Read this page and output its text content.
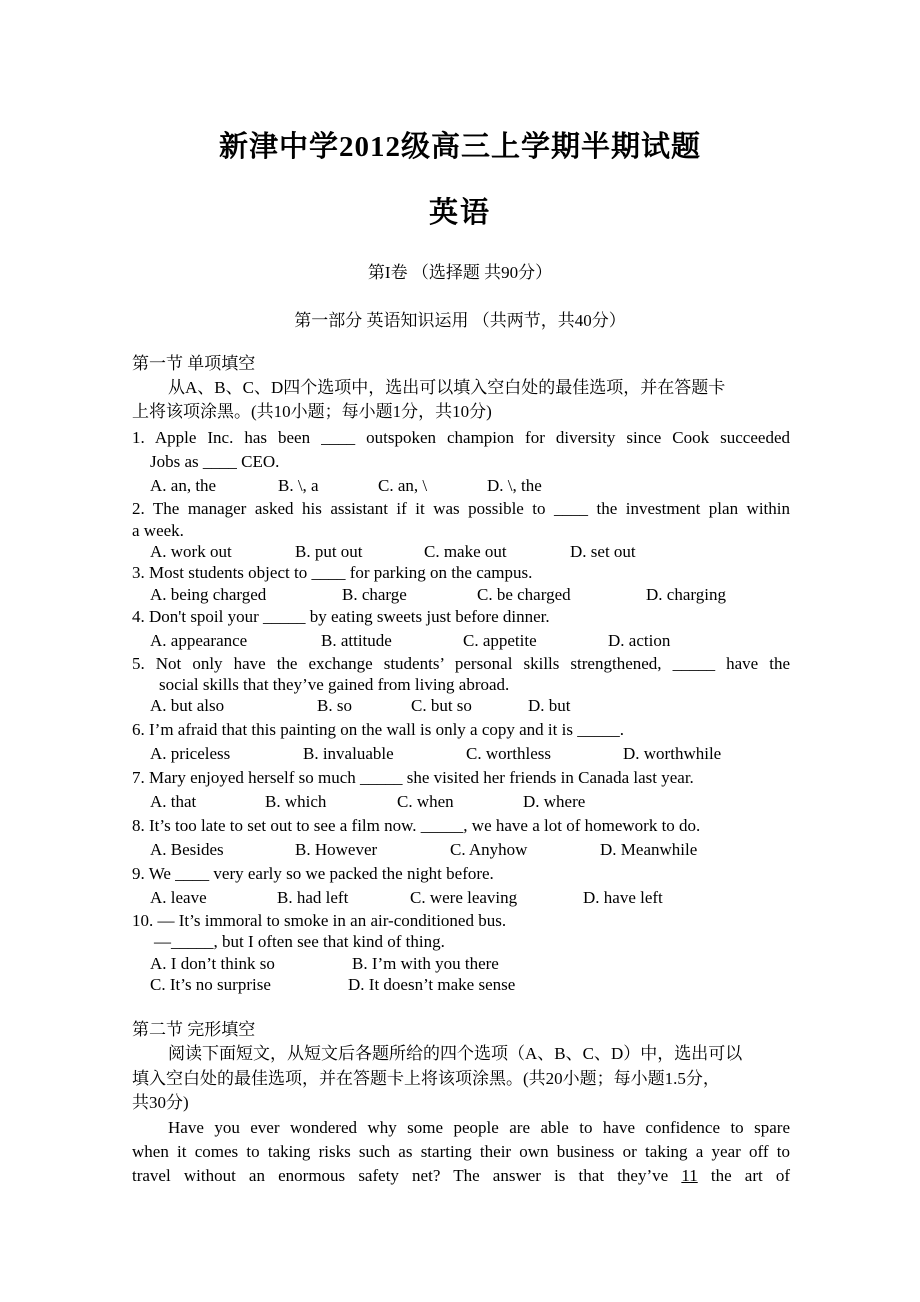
新津中学2012级高三上学期半期试题
英语
第I卷 （选择题 共90分）
第一部分 英语知识运用 （共两节，共40分）
第一节 单项填空
从A、B、C、D四个选项中，选出可以填入空白处的最佳选项，并在答题卡
上将该项涂黑。(共10小题；每小题1分，共10分)
1. Apple Inc. has been ____ outspoken champion for diversity since Cook succeeded
Jobs as ____ CEO.
A. an, the	B. \, a	C. an, \	D. \, the
2. The manager asked his assistant if it was possible to ____ the investment plan within
a week.
A. work out	B. put out	C. make out	D. set out
3. Most students object to ____ for parking on the campus.
A. being charged	B. charge	C. be charged	D. charging
4. Don't spoil your _____ by eating sweets just before dinner.
A. appearance	B. attitude	C. appetite	D. action
5. Not only have the exchange students’ personal skills strengthened, _____ have the
social skills that they’ve gained from living abroad.
A. but also	B. so	C. but so	D. but
6. I’m afraid that this painting on the wall is only a copy and it is _____.
A. priceless	B. invaluable	C. worthless	D. worthwhile
7. Mary enjoyed herself so much _____ she visited her friends in Canada last year.
A. that	B. which	C. when	D. where
8. It’s too late to set out to see a film now. _____, we have a lot of homework to do.
A. Besides	B. However	C. Anyhow	D. Meanwhile
9. We ____ very early so we packed the night before.
A. leave	B. had left	C. were leaving	D. have left
10. — It’s immoral to smoke in an air-conditioned bus.
—_____, but I often see that kind of thing.
A. I don’t think so	B. I’m with you there
C. It’s no surprise	D. It doesn’t make sense
第二节 完形填空
阅读下面短文，从短文后各题所给的四个选项（A、B、C、D）中，选出可以
填入空白处的最佳选项，并在答题卡上将该项涂黑。(共20小题；每小题1.5分，
共30分)
Have you ever wondered why some people are able to have confidence to spare
when it comes to taking risks such as starting their own business or taking a year off to
travel without an enormous safety net? The answer is that they’ve 11 the art of
